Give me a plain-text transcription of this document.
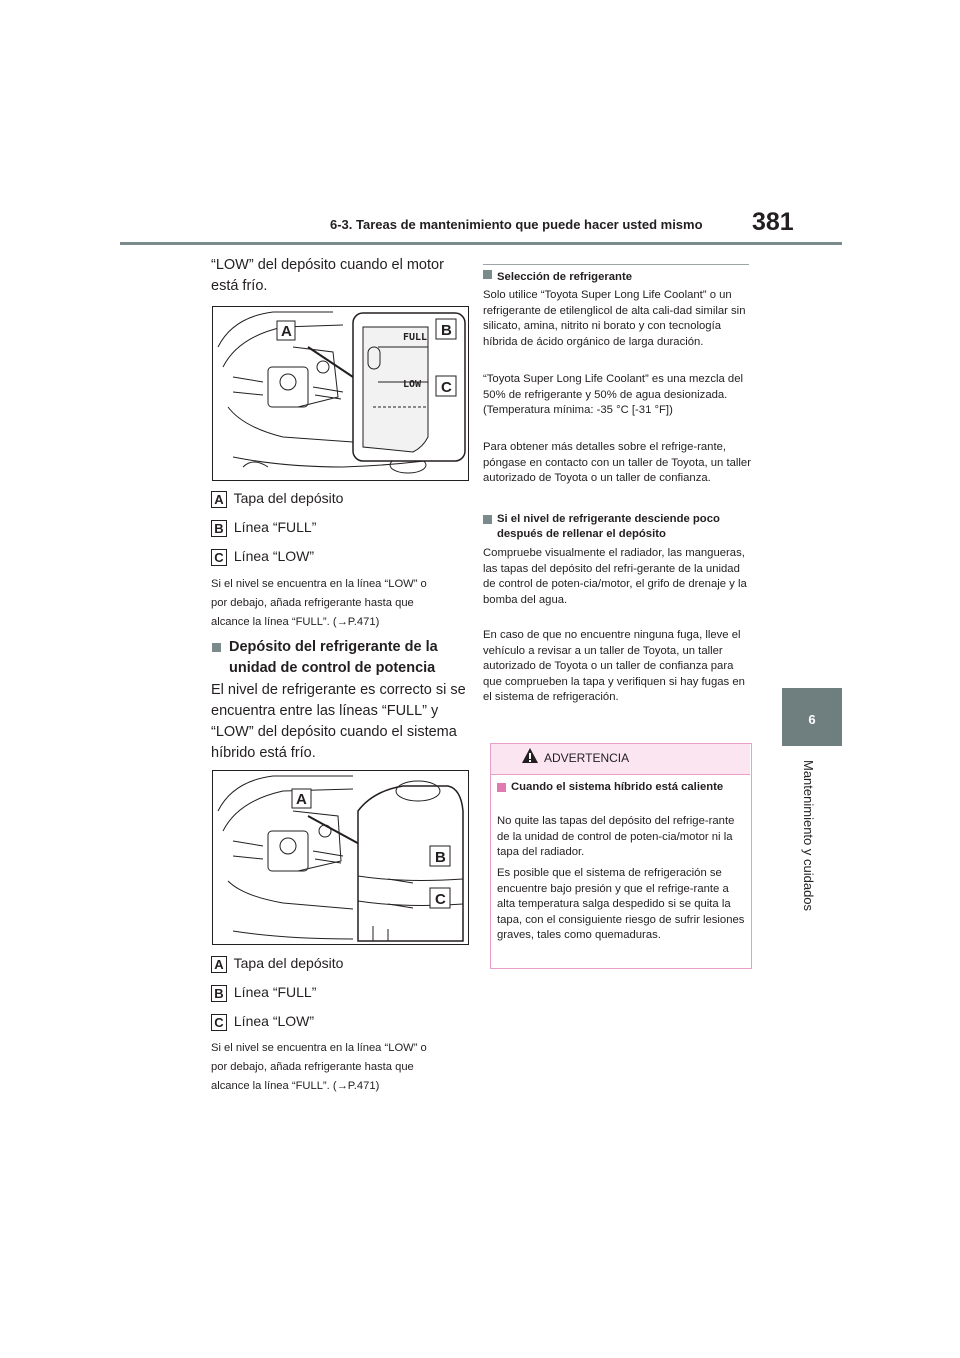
6-3. Tareas de mantenimiento que puede hacer usted mismo 381
6
Mantenimiento y cuidados
“LOW” del depósito cuando el motor está frío.
FULL
LOW
A	B
C
A Tapa del depósito
B Línea “FULL”
C Línea “LOW”
Si el nivel se encuentra en la línea “LOW” o
por debajo, añada refrigerante hasta que
alcance la línea “FULL”. (→P.471)
Depósito del refrigerante de la unidad de control de potencia
El nivel de refrigerante es correcto si se encuentra entre las líneas “FULL” y “LOW” del depósito cuando el sistema híbrido está frío.
A
B
C
A Tapa del depósito
B Línea “FULL”
C Línea “LOW”
Si el nivel se encuentra en la línea “LOW” o
por debajo, añada refrigerante hasta que
alcance la línea “FULL”. (→P.471)
Selección de refrigerante
Solo utilice “Toyota Super Long Life Coolant” o un refrigerante de etilenglicol de alta cali-dad similar sin silicato, amina, nitrito ni borato y con tecnología híbrida de ácido orgánico de larga duración.
“Toyota Super Long Life Coolant” es una mezcla del 50% de refrigerante y 50% de agua desionizada. (Temperatura mínima: -35 °C [-31 °F])
Para obtener más detalles sobre el refrige-rante, póngase en contacto con un taller de Toyota, un taller autorizado de Toyota o un taller de confianza.
Si el nivel de refrigerante desciende poco después de rellenar el depósito
Compruebe visualmente el radiador, las mangueras, las tapas del depósito del refri-gerante de la unidad de control de poten-cia/motor, el grifo de drenaje y la bomba del agua.
En caso de que no encuentre ninguna fuga, lleve el vehículo a revisar a un taller de Toyota, un taller autorizado de Toyota o un taller de confianza para que comprueben la tapa y verifiquen si hay fugas en el sistema de refrigeración.
ADVERTENCIA
Cuando el sistema híbrido está caliente
No quite las tapas del depósito del refrige-rante de la unidad de control de poten-cia/motor ni la tapa del radiador.
Es posible que el sistema de refrigeración se encuentre bajo presión y que el refrige-rante a alta temperatura salga despedido si se quita la tapa, con el consiguiente riesgo de sufrir lesiones graves, tales como quemaduras.
